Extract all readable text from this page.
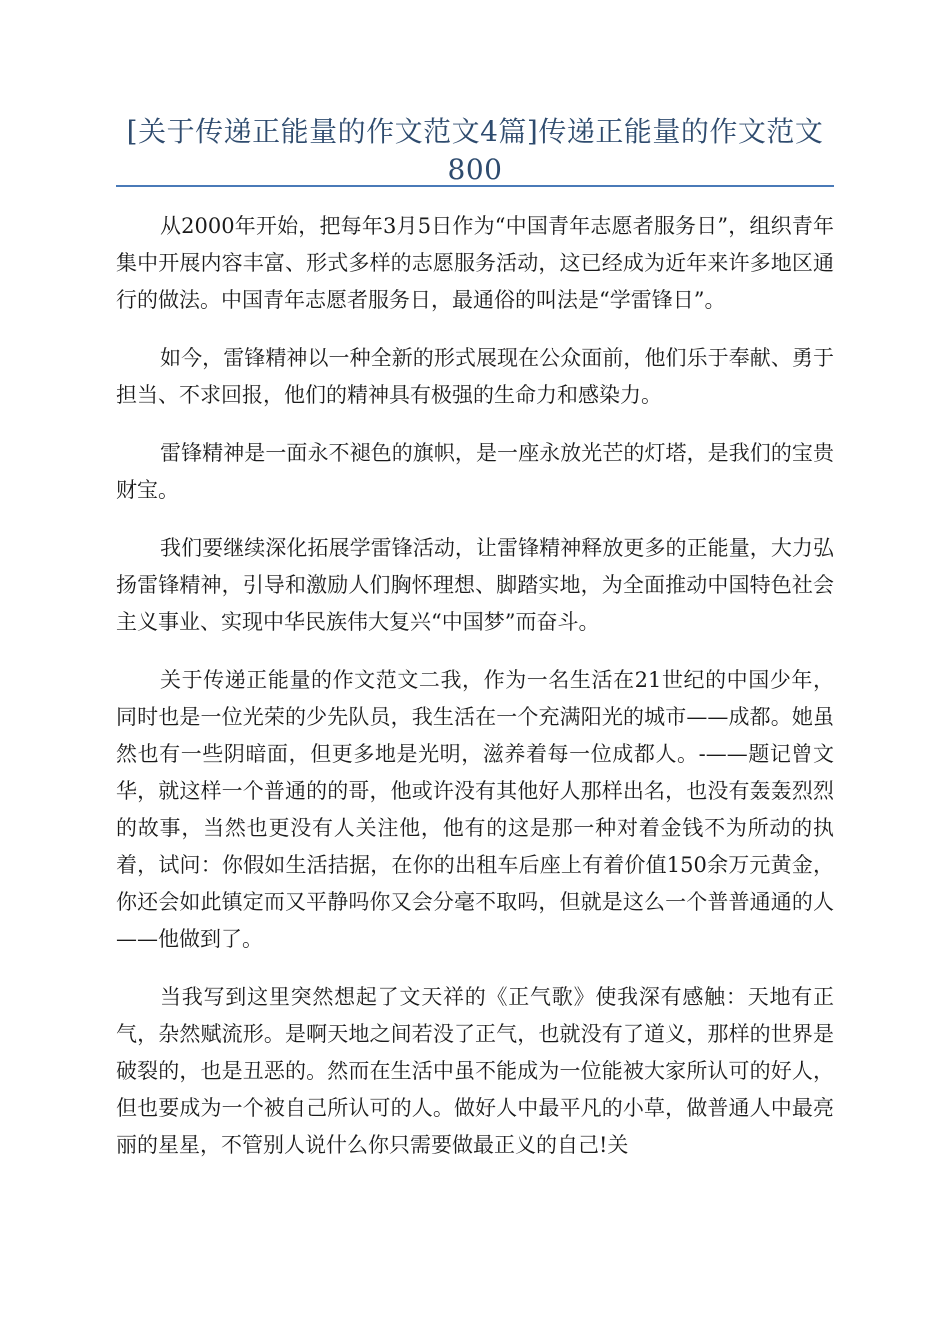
[关于传递正能量的作文范文4篇]传递正能量的作文范文800

从2000年开始，把每年3月5日作为“中国青年志愿者服务日”，组织青年集中开展内容丰富、形式多样的志愿服务活动，这已经成为近年来许多地区通行的做法。中国青年志愿者服务日，最通俗的叫法是“学雷锋日”。

如今，雷锋精神以一种全新的形式展现在公众面前，他们乐于奉献、勇于担当、不求回报，他们的精神具有极强的生命力和感染力。

雷锋精神是一面永不褪色的旗帜，是一座永放光芒的灯塔，是我们的宝贵财宝。

我们要继续深化拓展学雷锋活动，让雷锋精神释放更多的正能量，大力弘扬雷锋精神，引导和激励人们胸怀理想、脚踏实地，为全面推动中国特色社会主义事业、实现中华民族伟大复兴“中国梦”而奋斗。

关于传递正能量的作文范文二我，作为一名生活在21世纪的中国少年，同时也是一位光荣的少先队员，我生活在一个充满阳光的城市——成都。她虽然也有一些阴暗面，但更多地是光明，滋养着每一位成都人。-——题记曾文华，就这样一个普通的的哥，他或许没有其他好人那样出名，也没有轰轰烈烈的故事，当然也更没有人关注他，他有的这是那一种对着金钱不为所动的执着，试问：你假如生活拮据，在你的出租车后座上有着价值150余万元黄金，你还会如此镇定而又平静吗你又会分毫不取吗，但就是这么一个普普通通的人——他做到了。

当我写到这里突然想起了文天祥的《正气歌》使我深有感触：天地有正气，杂然赋流形。是啊天地之间若没了正气，也就没有了道义，那样的世界是破裂的，也是丑恶的。然而在生活中虽不能成为一位能被大家所认可的好人，但也要成为一个被自己所认可的人。做好人中最平凡的小草，做普通人中最亮丽的星星，不管别人说什么你只需要做最正义的自己!关
